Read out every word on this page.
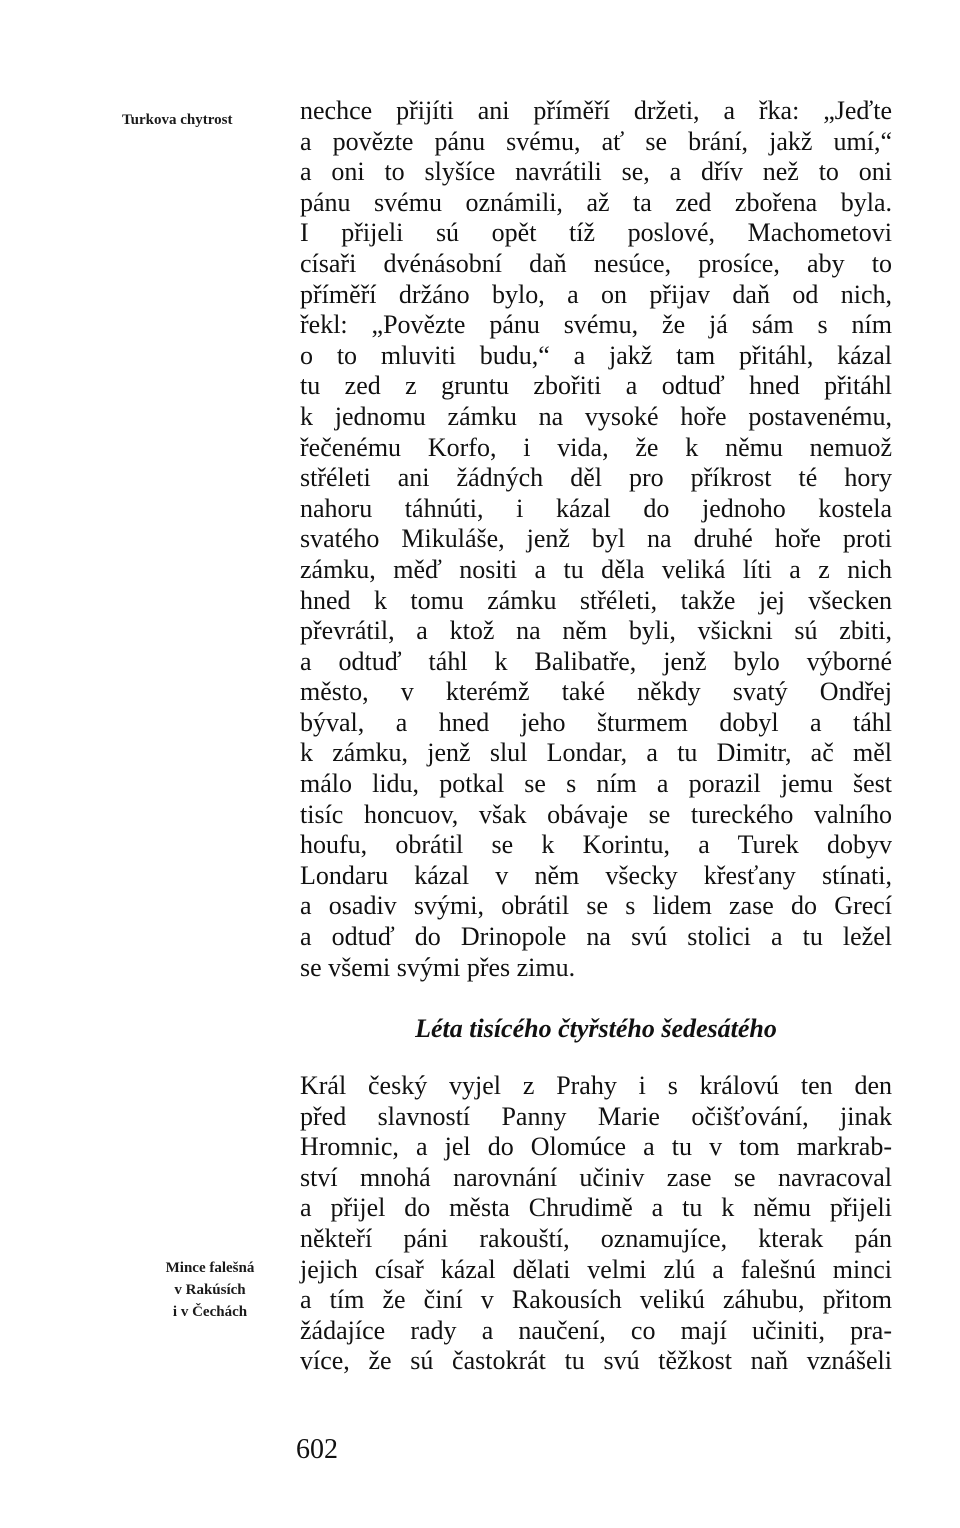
Turkova chytrost	nechce přijíti ani příměří držeti, a řka: „Jeďte
a povězte pánu svému, ať se brání, jakž umí,“
a oni to slyšíce navrátili se, a dřív než to oni
pánu svému oznámili, až ta zed zbořena byla.
I přijeli sú opět tíž poslové, Machometovi
císaři dvénásobní daň nesúce, prosíce, aby to
příměří držáno bylo, a on přijav daň od nich,
řekl: „Povězte pánu svému, že já sám s ním
o to mluviti budu,“ a jakž tam přitáhl, kázal
tu zed z gruntu zbořiti a odtuď hned přitáhl
k jednomu zámku na vysoké hoře postavenému,
řečenému Korfo, i vida, že k němu nemuož
střéleti ani žádných děl pro příkrost té hory
nahoru táhnúti, i kázal do jednoho kostela
svatého Mikuláše, jenž byl na druhé hoře proti
zámku, měď nositi a tu děla veliká líti a z nich
hned k tomu zámku střéleti, takže jej všecken
převrátil, a ktož na něm byli, všickni sú zbiti,
a odtuď táhl k Balibatře, jenž bylo výborné
město, v kterémž také někdy svatý Ondřej
býval, a hned jeho šturmem dobyl a táhl
k zámku, jenž slul Londar, a tu Dimitr, ač měl
málo lidu, potkal se s ním a porazil jemu šest
tisíc honcuov, však obávaje se tureckého valního
houfu, obrátil se k Korintu, a Turek dobyv
Londaru kázal v něm všecky křesťany stínati,
a osadiv svými, obrátil se s lidem zase do Grecí
a odtuď do Drinopole na svú stolici a tu ležel
se všemi svými přes zimu.
Léta tisícého čtyřstého šedesátého
Král český vyjel z Prahy i s královú ten den
před slavností Panny Marie očišťování, jinak
Hromnic, a jel do Olomúce a tu v tom markrab-
ství mnohá narovnání učiniv zase se navracoval
a přijel do města Chrudimě a tu k němu přijeli
někteří páni rakouští, oznamujíce, kterak pán
jejich císař kázal dělati velmi zlú a falešnú minci
a tím že činí v Rakousích velikú záhubu, přitom
žádajíce rady a naučení, co mají učiniti, pra-
více, že sú častokrát tu svú těžkost naň vznášeli
Mince falešná
v Rakúsích
i v Čechách
602
